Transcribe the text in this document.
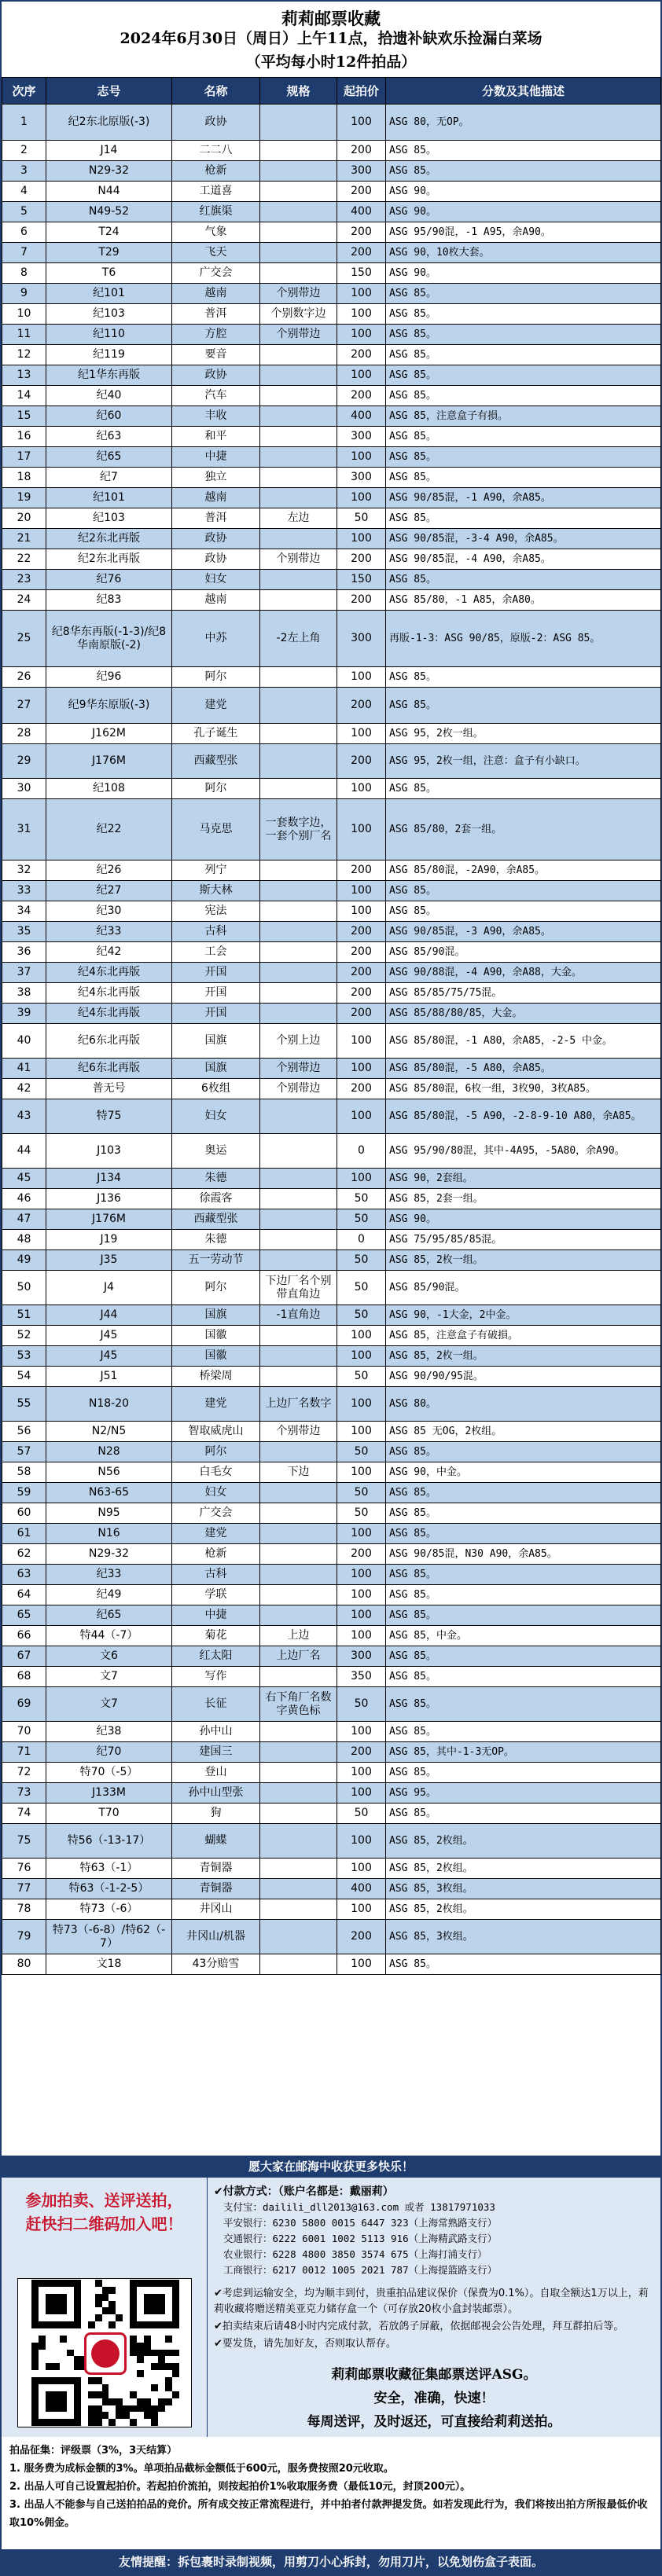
莉莉邮票收藏
2024年6月30日（周日）上午11点，拾遗补缺欢乐捡漏白菜场
（平均每小时12件拍品）
次序	志号	名称	规格	起拍价	分数及其他描述
1	纪2东北原版(-3)	政协		100	ASG 80，无OP。
2	J14	二二八		200	ASG 85。
3	N29-32	枪新		300	ASG 85。
4	N44	工道喜		200	ASG 90。
5	N49-52	红旗渠		400	ASG 90。
6	T24	气象		200	ASG 95/90混，-1 A95，余A90。
7	T29	飞天		200	ASG 90，10枚大套。
8	T6	广交会		150	ASG 90。
9	纪101	越南	个别带边	100	ASG 85。
10	纪103	普洱	个别数字边	100	ASG 85。
11	纪110	方腔	个别带边	100	ASG 85。
12	纪119	要音		200	ASG 85。
13	纪1华东再版	政协		100	ASG 85。
14	纪40	汽车		200	ASG 85。
15	纪60	丰收		400	ASG 85，注意盒子有損。
16	纪63	和平		300	ASG 85。
17	纪65	中捷		100	ASG 85。
18	纪7	独立		300	ASG 85。
19	纪101	越南		100	ASG 90/85混，-1 A90，余A85。
20	纪103	普洱	左边	50	ASG 85。
21	纪2东北再版	政协		100	ASG 90/85混，-3-4 A90，余A85。
22	纪2东北再版	政协	个别带边	200	ASG 90/85混，-4 A90，余A85。
23	纪76	妇女		150	ASG 85。
24	纪83	越南		200	ASG 85/80，-1 A85，余A80。
25	纪8华东再版(-1-3)/纪8华南原版(-2)	中苏	-2左上角	300	再版-1-3：ASG 90/85，原版-2：ASG 85。
26	纪96	阿尔		100	ASG 85。
27	纪9华东原版(-3)	建党		200	ASG 85。
28	J162M	孔子诞生		100	ASG 95，2枚一组。
29	J176M	西藏型张		200	ASG 95，2枚一组，注意：盒子有小缺口。
30	纪108	阿尔		100	ASG 85。
31	纪22	马克思	一套数字边，一套个别厂名	100	ASG 85/80，2套一组。
32	纪26	列宁		200	ASG 85/80混，-2A90，余A85。
33	纪27	斯大林		100	ASG 85。
34	纪30	宪法		100	ASG 85。
35	纪33	古科		200	ASG 90/85混，-3 A90，余A85。
36	纪42	工会		200	ASG 85/90混。
37	纪4东北再版	开国		200	ASG 90/88混，-4 A90，余A88，大金。
38	纪4东北再版	开国		200	ASG 85/85/75/75混。
39	纪4东北再版	开国		200	ASG 85/88/80/85，大金。
40	纪6东北再版	国旗	个别上边	100	ASG 85/80混，-1 A80，余A85，-2-5 中金。
41	纪6东北再版	国旗	个别带边	100	ASG 85/80混，-5 A80，余A85。
42	普无号	6枚组	个别带边	200	ASG 85/80混，6枚一组，3枚90，3枚A85。
43	特75	妇女		100	ASG 85/80混，-5 A90，-2-8-9-10 A80，余A85。
44	J103	奥运		0	ASG 95/90/80混，其中-4A95，-5A80，余A90。
45	J134	朱德		100	ASG 90，2套组。
46	J136	徐霞客		50	ASG 85，2套一组。
47	J176M	西藏型张		50	ASG 90。
48	J19	朱德		0	ASG 75/95/85/85混。
49	J35	五一劳动节		50	ASG 85，2枚一组。
50	J4	阿尔	下边厂名个别带直角边	50	ASG 85/90混。
51	J44	国旗	-1直角边	50	ASG 90，-1大金，2中金。
52	J45	国徽		100	ASG 85，注意盒子有破損。
53	J45	国徽		100	ASG 85，2枚一组。
54	J51	桥梁周		50	ASG 90/90/95混。
55	N18-20	建党	上边厂名数字	100	ASG 80。
56	N2/N5	智取威虎山	个别带边	100	ASG 85 无OG，2枚组。
57	N28	阿尔		50	ASG 85。
58	N56	白毛女	下边	100	ASG 90，中金。
59	N63-65	妇女		50	ASG 85。
60	N95	广交会		50	ASG 85。
61	N16	建党		100	ASG 85。
62	N29-32	枪新		200	ASG 90/85混，N30 A90，余A85。
63	纪33	古科		100	ASG 85。
64	纪49	学联		100	ASG 85。
65	纪65	中捷		100	ASG 85。
66	特44（-7）	菊花	上边	100	ASG 85，中金。
67	文6	红太阳	上边厂名	300	ASG 85。
68	文7	写作		350	ASG 85。
69	文7	长征	右下角厂名数字黄色标	50	ASG 85。
70	纪38	孙中山		100	ASG 85。
71	纪70	建国三		200	ASG 85，其中-1-3无OP。
72	特70（-5）	登山		100	ASG 85。
73	J133M	孙中山型张		100	ASG 95。
74	T70	狗		50	ASG 85。
75	特56（-13-17）	蝴蝶		100	ASG 85，2枚组。
76	特63（-1）	青铜器		100	ASG 85，2枚组。
77	特63（-1-2-5）	青铜器		400	ASG 85，3枚组。
78	特73（-6）	井冈山		100	ASG 85，2枚组。
79	特73（-6-8）/特62（-7）	井冈山/机器		200	ASG 85，3枚组。
80	文18	43分赔雪		100	ASG 85。
愿大家在邮海中收获更多快乐！
参加拍卖、送评送拍，
赶快扫二维码加入吧！
✔付款方式：（账户名都是：戴丽莉）
支付宝：dailili_dll2013@163.com 或者 13817971033
平安银行：6230 5800 0015 6447 323（上海常熟路支行）
交通银行：6222 6001 1002 5113 916（上海精武路支行）
农业银行：6228 4800 3850 3574 675（上海打浦支行）
工商银行：6217 0012 1005 2021 787（上海提篮路支行）
✔考虑到运输安全，均为顺丰到付，贵重拍品建议保价（保费为0.1%）。自取全额达1万以上，莉莉收藏将赠送精美亚克力储存盒一个（可存放20枚小盒封装邮票）。
✔拍卖结束后请48小时内完成付款，若放鸽子屏蔽，依据邮视会公告处理，拜互群拍后等。
✔要发货，请先加好友，否则取认帮存。
莉莉邮票收藏征集邮票送评ASG。
安全，准确，快速！
每周送评，及时返还，可直接给莉莉送拍。
拍品征集：评级票（3%，3天结算）
1. 服务费为成标金额的3%。单项拍品截标金额低于600元，服务费按照20元收取。
2. 出品人可自己设置起拍价。若起拍价流拍，则按起拍价1%收取服务费（最低10元，封顶200元）。
3. 出品人不能参与自己送拍拍品的竞价。所有成交按正常流程进行，并中拍者付款押提发货。如若发现此行为，我们将按出拍方所报最低价收取10%佣金。
友情提醒：拆包裹时录制视频，用剪刀小心拆封，勿用刀片，以免划伤盒子表面。
